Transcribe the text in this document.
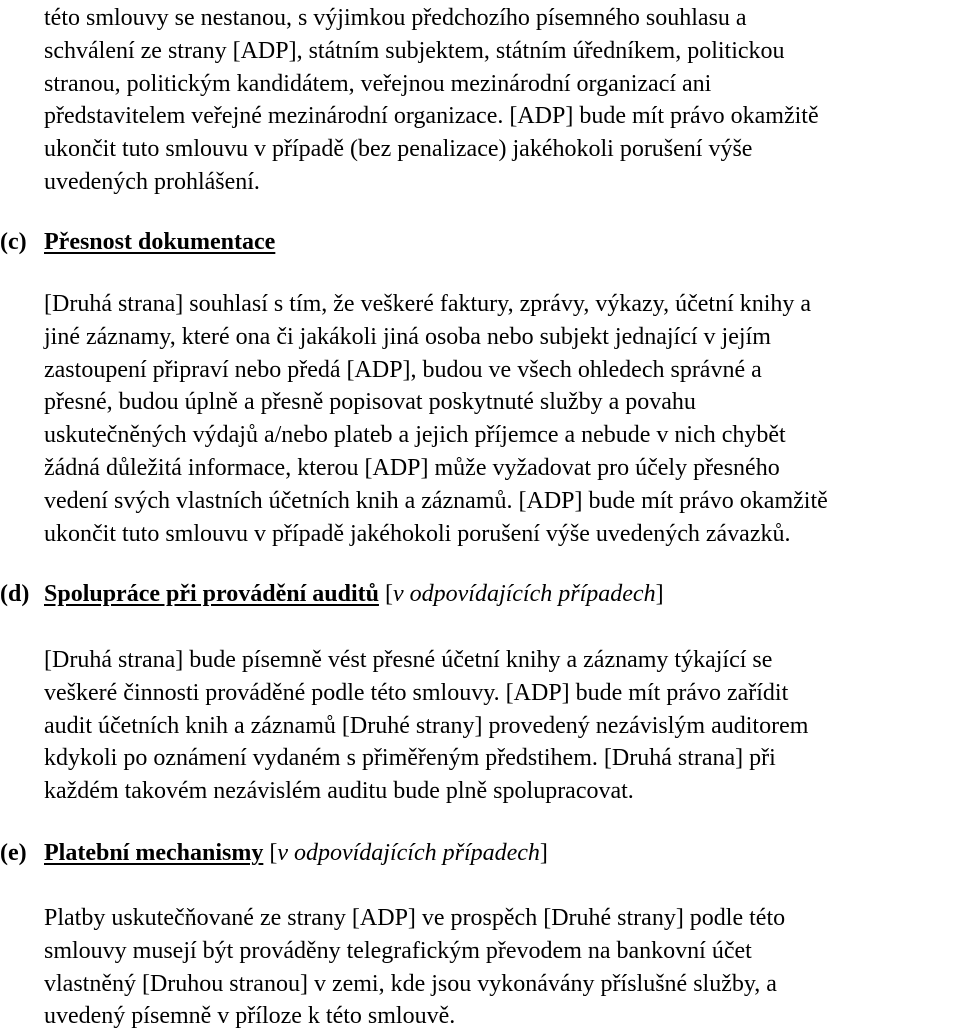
této smlouvy se nestanou, s výjimkou předchozího písemného souhlasu a
schválení ze strany [ADP], státním subjektem, státním úředníkem, politickou
stranou, politickým kandidátem, veřejnou mezinárodní organizací ani
představitelem veřejné mezinárodní organizace. [ADP] bude mít právo okamžitě
ukončit tuto smlouvu v případě (bez penalizace) jakéhokoli porušení výše
uvedených prohlášení.
(c) Přesnost dokumentace
[Druhá strana] souhlasí s tím, že veškeré faktury, zprávy, výkazy, účetní knihy a
jiné záznamy, které ona či jakákoli jiná osoba nebo subjekt jednající v jejím
zastoupení připraví nebo předá [ADP], budou ve všech ohledech správné a
přesné, budou úplně a přesně popisovat poskytnuté služby a povahu
uskutečněných výdajů a/nebo plateb a jejich příjemce a nebude v nich chybět
žádná důležitá informace, kterou [ADP] může vyžadovat pro účely přesného
vedení svých vlastních účetních knih a záznamů. [ADP] bude mít právo okamžitě
ukončit tuto smlouvu v případě jakéhokoli porušení výše uvedených závazků.
(d) Spolupráce při provádění auditů [v odpovídajících případech]
[Druhá strana] bude písemně vést přesné účetní knihy a záznamy týkající se
veškeré činnosti prováděné podle této smlouvy. [ADP] bude mít právo zařídit
audit účetních knih a záznamů [Druhé strany] provedený nezávislým auditorem
kdykoli po oznámení vydaném s přiměřeným předstihem. [Druhá strana] při
každém takovém nezávislém auditu bude plně spolupracovat.
(e) Platební mechanismy [v odpovídajících případech]
Platby uskutečňované ze strany [ADP] ve prospěch [Druhé strany] podle této
smlouvy musejí být prováděny telegrafickým převodem na bankovní účet
vlastněný [Druhou stranou] v zemi, kde jsou vykonávány příslušné služby, a
uvedený písemně v příloze k této smlouvě.
